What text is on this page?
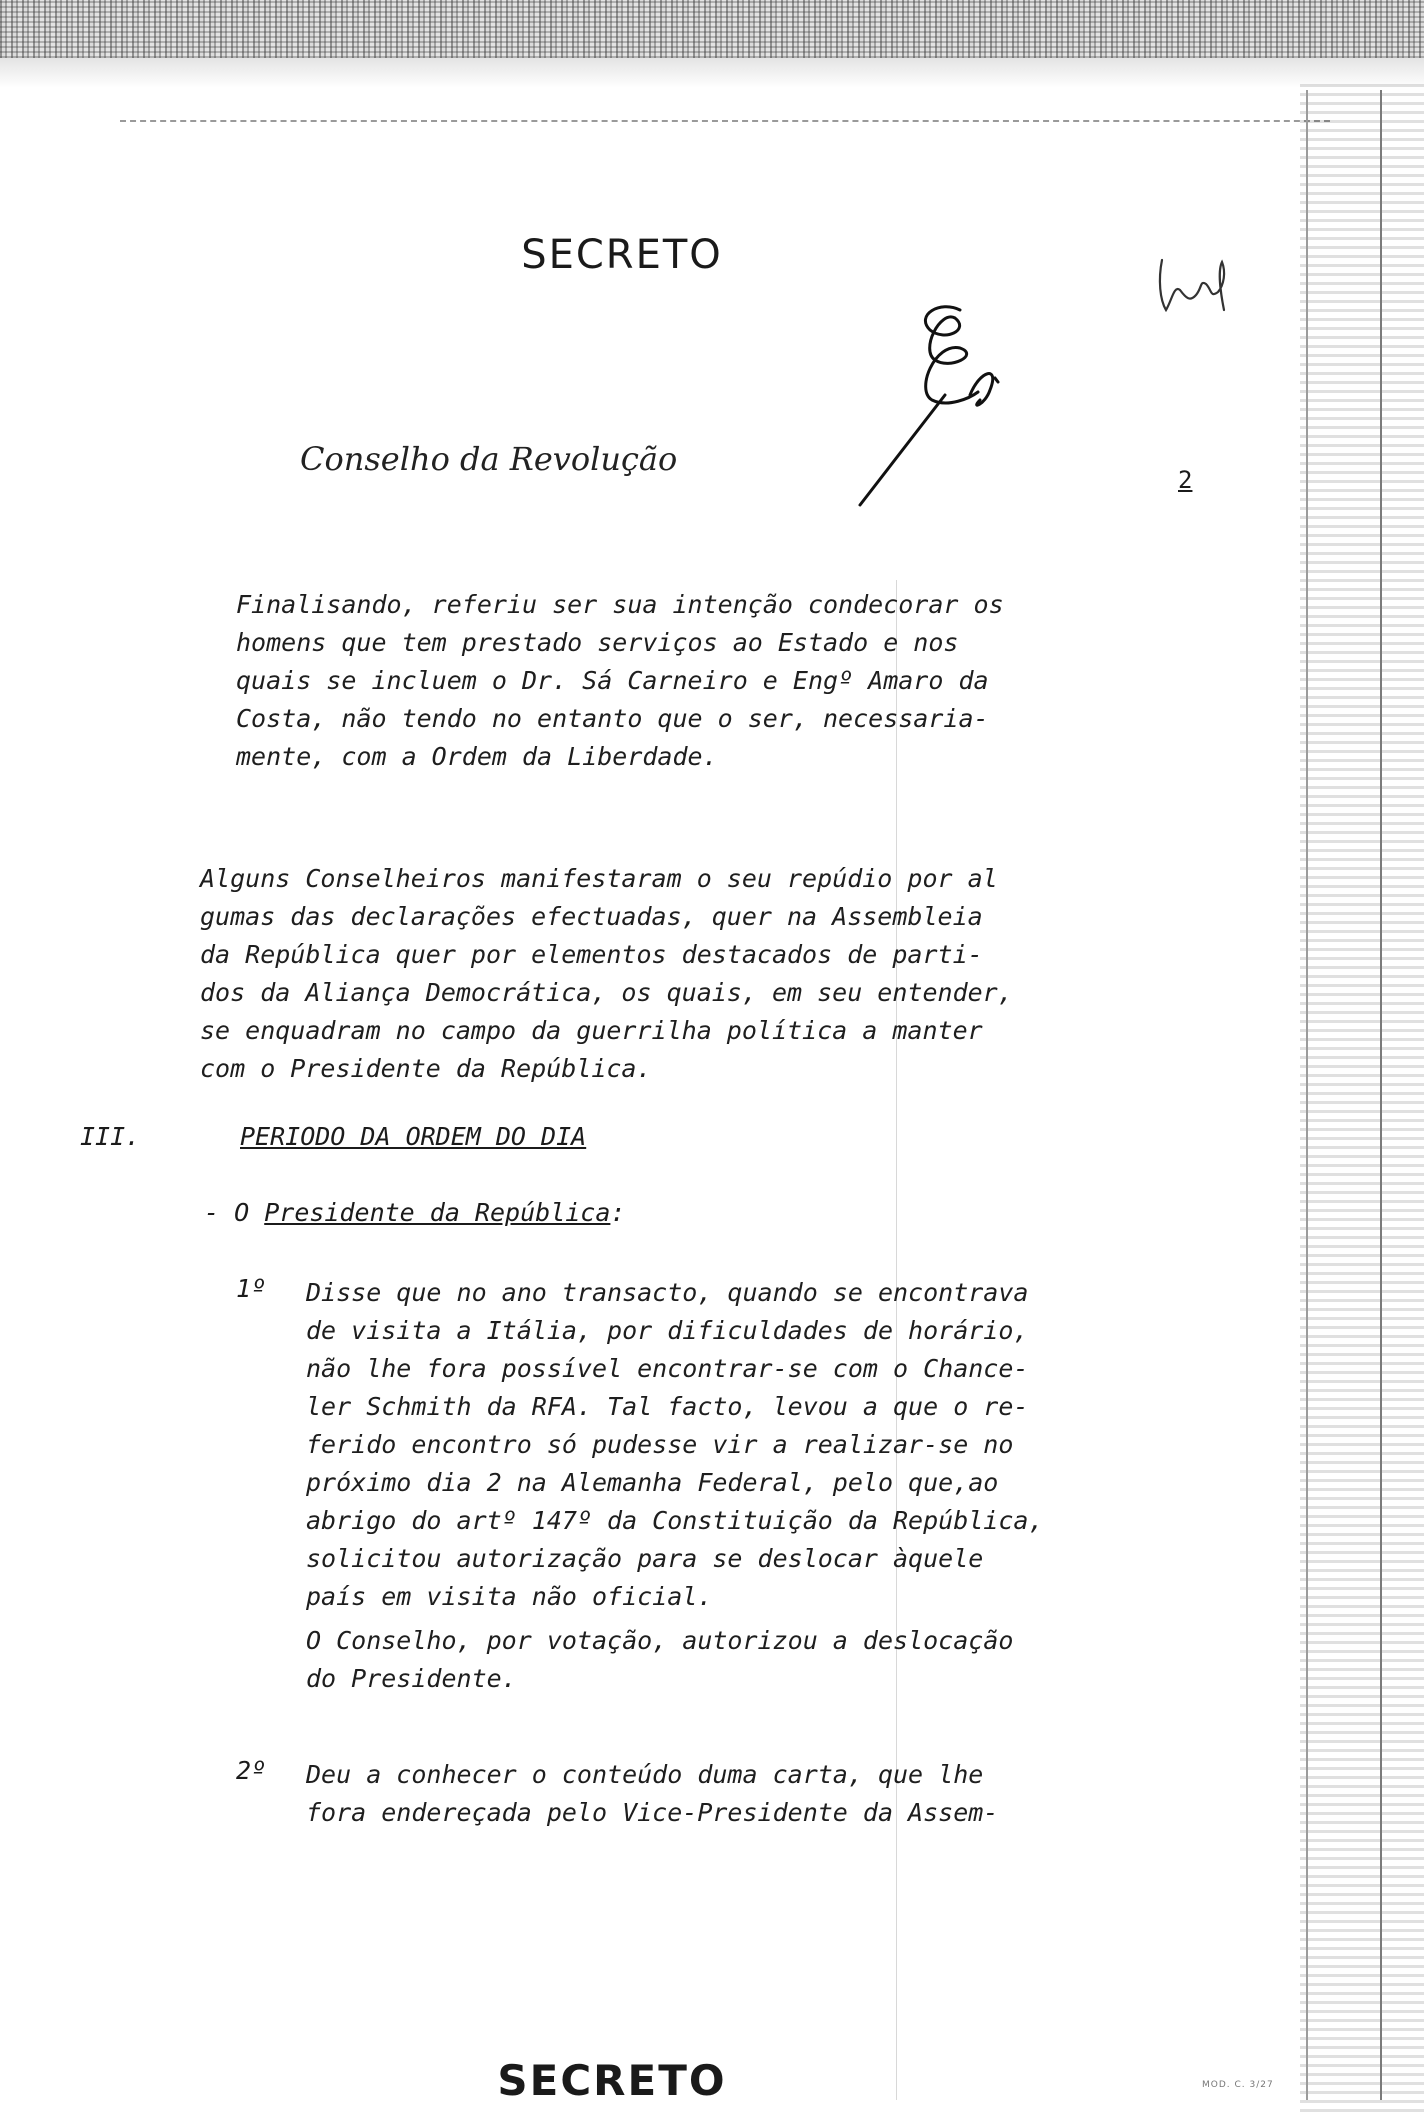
SECRETO
Conselho da Revolução
2
Finalisando, referiu ser sua intenção condecorar os
homens que tem prestado serviços ao Estado e nos
quais se incluem o Dr. Sá Carneiro e Engº Amaro da
Costa, não tendo no entanto que o ser, necessaria-
mente, com a Ordem da Liberdade.
Alguns Conselheiros manifestaram o seu repúdio por al
gumas das declarações efectuadas, quer na Assembleia
da República quer por elementos destacados de parti-
dos da Aliança Democrática, os quais, em seu entender,
se enquadram no campo da guerrilha política a manter
com o Presidente da República.
III.	PERIODO DA ORDEM DO DIA
- O Presidente da República:
1º Disse que no ano transacto, quando se encontrava
de visita a Itália, por dificuldades de horário,
não lhe fora possível encontrar-se com o Chance-
ler Schmith da RFA. Tal facto, levou a que o re-
ferido encontro só pudesse vir a realizar-se no
próximo dia 2 na Alemanha Federal, pelo que,ao
abrigo do artº 147º da Constituição da República,
solicitou autorização para se deslocar àquele
país em visita não oficial.
O Conselho, por votação, autorizou a deslocação
do Presidente.
2º Deu a conhecer o conteúdo duma carta, que lhe
fora endereçada pelo Vice-Presidente da Assem-
SECRETO	MOD. C. 3/27
